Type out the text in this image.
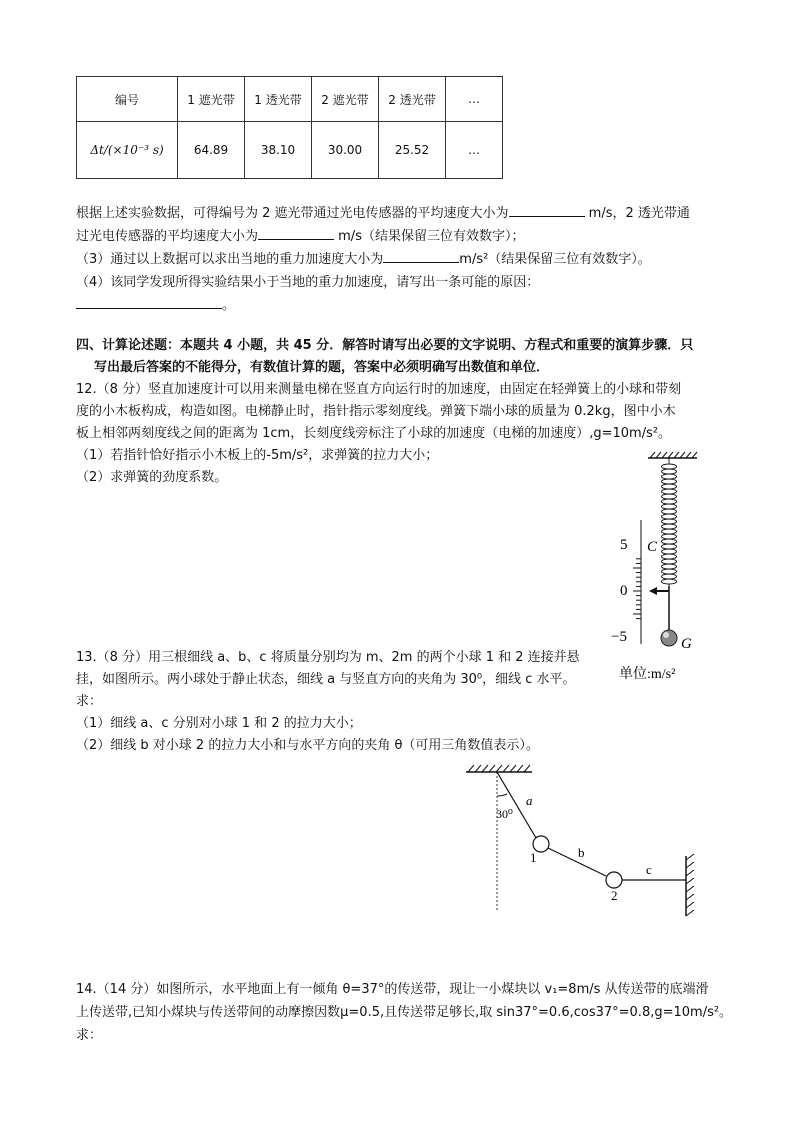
编号	1 遮光带	1 透光带	2 遮光带	2 透光带	…
Δt/(×10⁻³ s)	64.89	38.10	30.00	25.52	…
根据上述实验数据，可得编号为 2 遮光带通过光电传感器的平均速度大小为	m/s，2 透光带通
过光电传感器的平均速度大小为	m/s（结果保留三位有效数字）；
（3）通过以上数据可以求出当地的重力加速度大小为	m/s²（结果保留三位有效数字）。
（4）该同学发现所得实验结果小于当地的重力加速度，请写出一条可能的原因：
。
四、计算论述题：本题共 4 小题，共 45 分．解答时请写出必要的文字说明、方程式和重要的演算步骤．只
写出最后答案的不能得分，有数值计算的题，答案中必须明确写出数值和单位．
12.（8 分）竖直加速度计可以用来测量电梯在竖直方向运行时的加速度，由固定在轻弹簧上的小球和带刻
度的小木板构成，构造如图。电梯静止时，指针指示零刻度线。弹簧下端小球的质量为 0.2kg，图中小木
板上相邻两刻度线之间的距离为 1cm，长刻度线旁标注了小球的加速度（电梯的加速度）,g=10m/s²。
（1）若指针恰好指示小木板上的-5m/s²，求弹簧的拉力大小；
（2）求弹簧的劲度系数。
5
0
−5
C
G
单位:m/s²
13.（8 分）用三根细线 a、b、c 将质量分别均为 m、2m 的两个小球 1 和 2 连接并悬
挂，如图所示。两小球处于静止状态，细线 a 与竖直方向的夹角为 30⁰，细线 c 水平。
求：
（1）细线 a、c 分别对小球 1 和 2 的拉力大小；
（2）细线 b 对小球 2 的拉力大小和与水平方向的夹角 θ（可用三角数值表示）。
30⁰
a
1	b
2
c
14.（14 分）如图所示，水平地面上有一倾角 θ=37°的传送带，现让一小煤块以 v₁=8m/s 从传送带的底端滑
上传送带,已知小煤块与传送带间的动摩擦因数μ=0.5,且传送带足够长,取 sin37°=0.6,cos37°=0.8,g=10m/s²。
求：
